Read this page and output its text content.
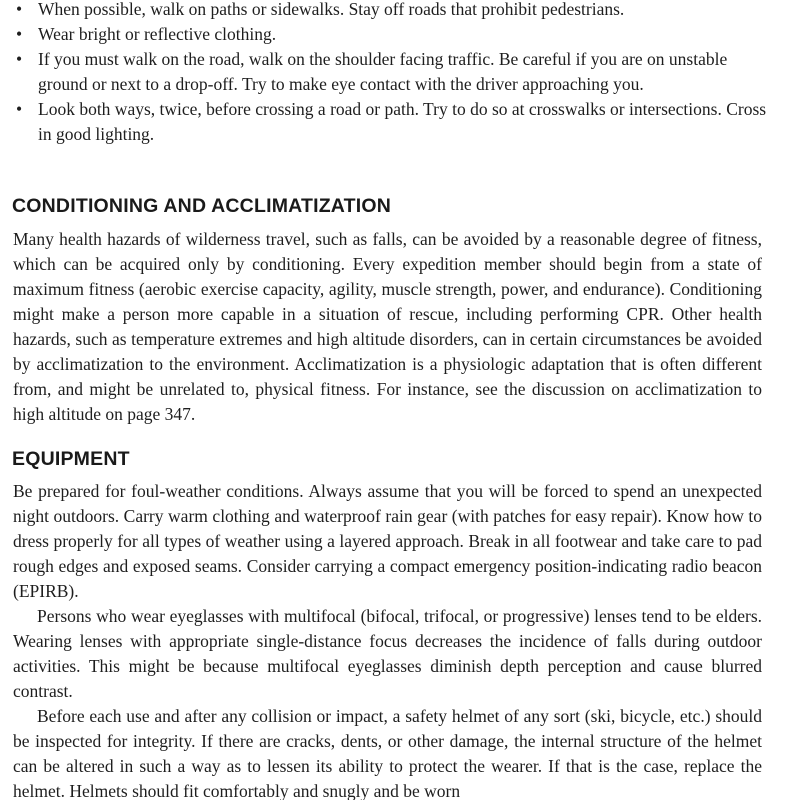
• When possible, walk on paths or sidewalks. Stay off roads that prohibit pedestrians.
• Wear bright or reflective clothing.
• If you must walk on the road, walk on the shoulder facing traffic. Be careful if you are on unstable ground or next to a drop-off. Try to make eye contact with the driver approaching you.
• Look both ways, twice, before crossing a road or path. Try to do so at crosswalks or intersections. Cross in good lighting.
CONDITIONING AND ACCLIMATIZATION

Many health hazards of wilderness travel, such as falls, can be avoided by a reasonable degree of fitness, which can be acquired only by conditioning. Every expedition member should begin from a state of maximum fitness (aerobic exercise capacity, agility, muscle strength, power, and endurance). Conditioning might make a person more capable in a situation of rescue, including performing CPR. Other health hazards, such as temperature extremes and high altitude disorders, can in certain circumstances be avoided by acclimatization to the environment. Acclimatization is a physiologic adaptation that is often different from, and might be unrelated to, physical fitness. For instance, see the discussion on acclimatization to high altitude on page 347.

EQUIPMENT

Be prepared for foul-weather conditions. Always assume that you will be forced to spend an unexpected night outdoors. Carry warm clothing and waterproof rain gear (with patches for easy repair). Know how to dress properly for all types of weather using a layered approach. Break in all footwear and take care to pad rough edges and exposed seams. Consider carrying a compact emergency position-indicating radio beacon (EPIRB).

Persons who wear eyeglasses with multifocal (bifocal, trifocal, or progressive) lenses tend to be elders. Wearing lenses with appropriate single-distance focus decreases the incidence of falls during outdoor activities. This might be because multifocal eyeglasses diminish depth perception and cause blurred contrast.

Before each use and after any collision or impact, a safety helmet of any sort (ski, bicycle, etc.) should be inspected for integrity. If there are cracks, dents, or other damage, the internal structure of the helmet can be altered in such a way as to lessen its ability to protect the wearer. If that is the case, replace the helmet. Helmets should fit comfortably and snugly and be worn
